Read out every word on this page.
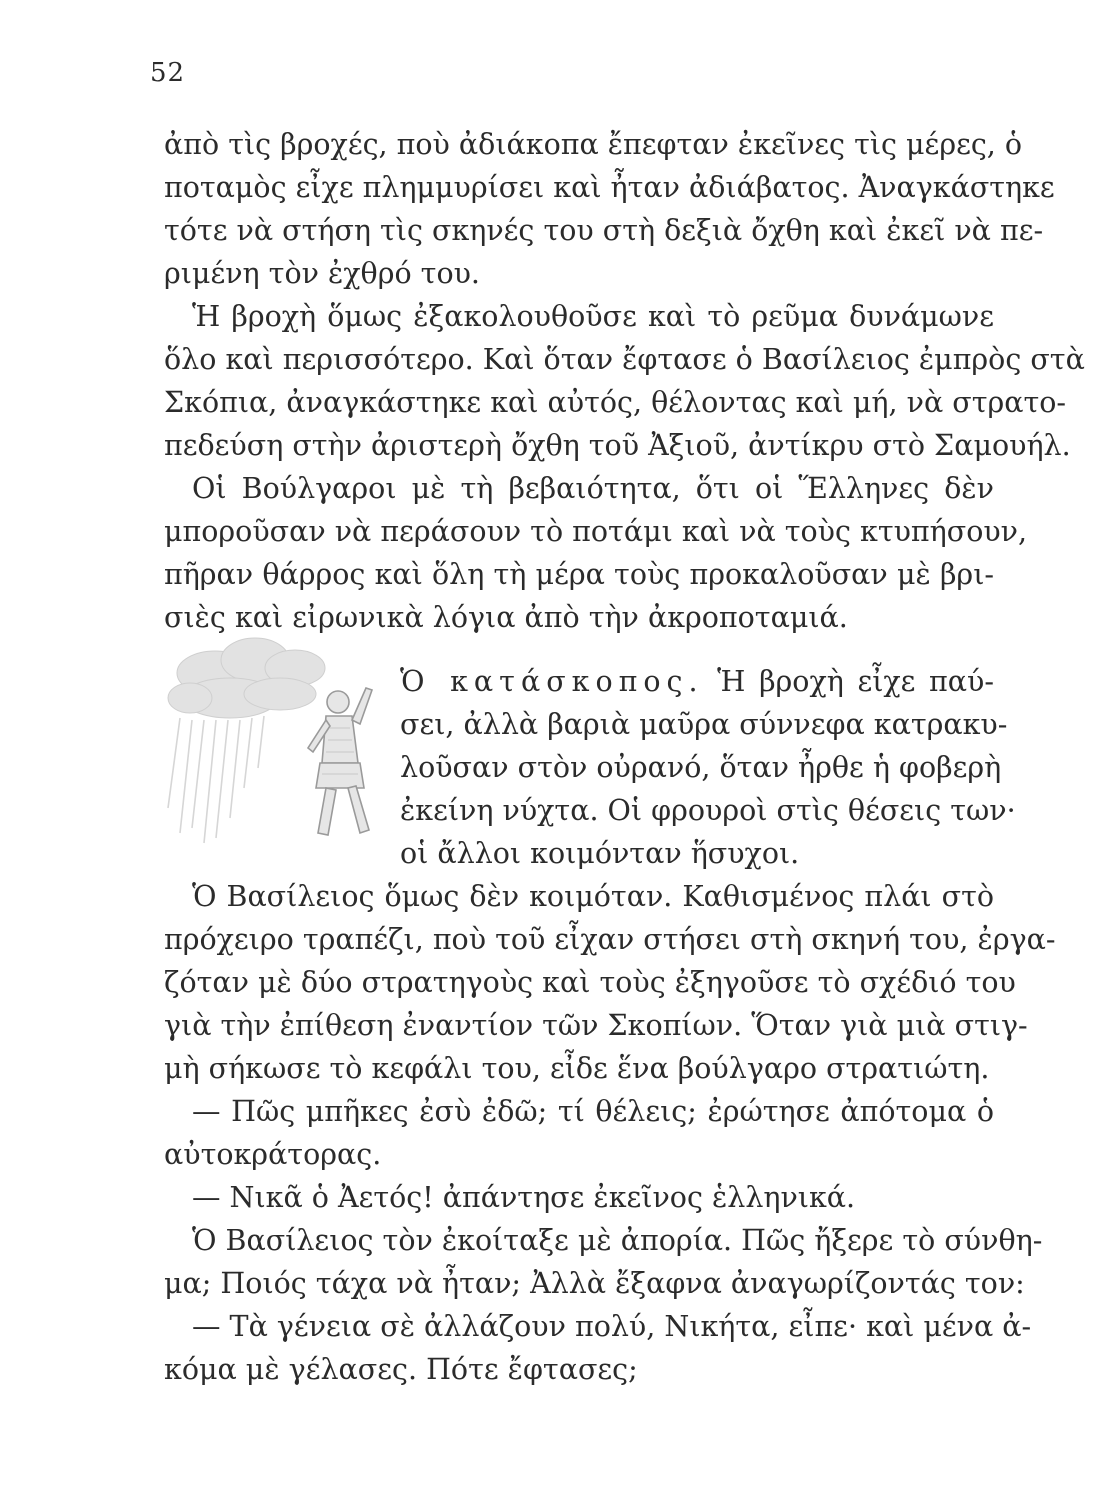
52
ἀπὸ τὶς βροχές, ποὺ ἀδιάκοπα ἔπεφταν ἐκεῖνες τὶς μέρες, ὁ
ποταμὸς εἶχε πλημμυρίσει καὶ ἦταν ἀδιάβατος. Ἀναγκάστηκε
τότε νὰ στήση τὶς σκηνές του στὴ δεξιὰ ὄχθη καὶ ἐκεῖ νὰ πε-
ριμένη τὸν ἐχθρό του.
Ἡ βροχὴ ὅμως ἐξακολουθοῦσε καὶ τὸ ρεῦμα δυνάμωνε
ὅλο καὶ περισσότερο. Καὶ ὅταν ἔφτασε ὁ Βασίλειος ἐμπρὸς στὰ
Σκόπια, ἀναγκάστηκε καὶ αὐτός, θέλοντας καὶ μή, νὰ στρατο-
πεδεύση στὴν ἀριστερὴ ὄχθη τοῦ Ἀξιοῦ, ἀντίκρυ στὸ Σαμουήλ.
Οἱ Βούλγαροι μὲ τὴ βεβαιότητα, ὅτι οἱ Ἕλληνες δὲν
μποροῦσαν νὰ περάσουν τὸ ποτάμι καὶ νὰ τοὺς κτυπήσουν,
πῆραν θάρρος καὶ ὅλη τὴ μέρα τοὺς προκαλοῦσαν μὲ βρι-
σιὲς καὶ εἰρωνικὰ λόγια ἀπὸ τὴν ἀκροποταμιά.
Ὁ κατάσκοπος. Ἡ βροχὴ εἶχε παύ-
σει, ἀλλὰ βαριὰ μαῦρα σύννεφα κατρακυ-
λοῦσαν στὸν οὐρανό, ὅταν ἦρθε ἡ φοβερὴ
ἐκείνη νύχτα. Οἱ φρουροὶ στὶς θέσεις των·
οἱ ἄλλοι κοιμόνταν ἥσυχοι.
Ὁ Βασίλειος ὅμως δὲν κοιμόταν. Καθισμένος πλάι στὸ
πρόχειρο τραπέζι, ποὺ τοῦ εἶχαν στήσει στὴ σκηνή του, ἐργα-
ζόταν μὲ δύο στρατηγοὺς καὶ τοὺς ἐξηγοῦσε τὸ σχέδιό του
γιὰ τὴν ἐπίθεση ἐναντίον τῶν Σκοπίων. Ὅταν γιὰ μιὰ στιγ-
μὴ σήκωσε τὸ κεφάλι του, εἶδε ἕνα βούλγαρο στρατιώτη.
— Πῶς μπῆκες ἐσὺ ἐδῶ; τί θέλεις; ἐρώτησε ἀπότομα ὁ
αὐτοκράτορας.
— Νικᾶ ὁ Ἀετός! ἀπάντησε ἐκεῖνος ἑλληνικά.
Ὁ Βασίλειος τὸν ἐκοίταξε μὲ ἀπορία. Πῶς ἤξερε τὸ σύνθη-
μα; Ποιός τάχα νὰ ἦταν; Ἀλλὰ ἔξαφνα ἀναγωρίζοντάς τον:
— Τὰ γένεια σὲ ἀλλάζουν πολύ, Νικήτα, εἶπε· καὶ μένα ἀ-
κόμα μὲ γέλασες. Πότε ἔφτασες;
